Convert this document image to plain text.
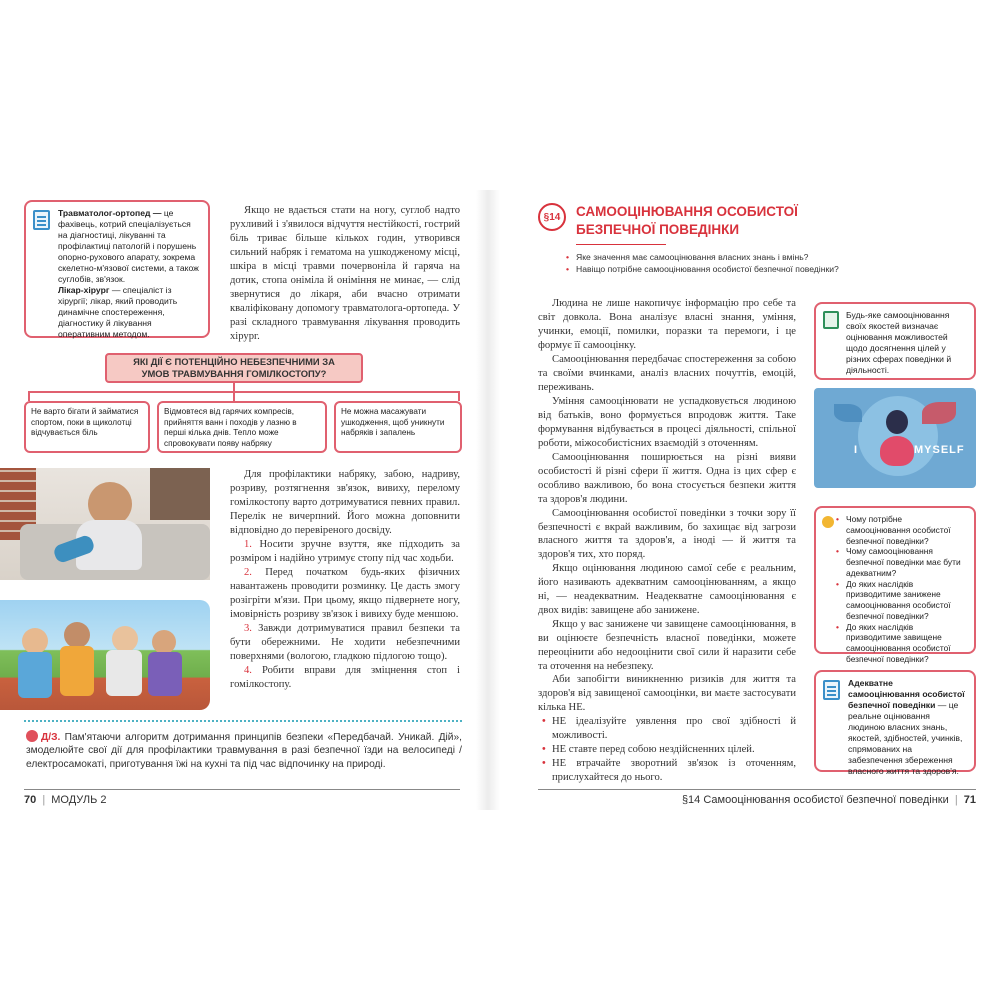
Травматолог-ортопед — це фахівець, котрий спеціалізується на діагностиці, лікуванні та профілактиці патологій і порушень опорно-рухового апарату, зокрема скелетно-м'язової системи, а також суглобів, зв'язок.
Лікар-хірург — спеціаліст із хірургії; лікар, який проводить динамічне спостереження, діагностику й лікування оперативним методом.

Якщо не вдається стати на ногу, суглоб надто рухливий і з'явилося відчуття нестійкості, гострий біль триває більше кількох годин, утворився сильний набряк і гематома на ушкодженому місці, шкіра в місці травми почервоніла й гаряча на дотик, стопа оніміла й оніміння не минає, — слід звернутися до лікаря, аби вчасно отримати кваліфіковану допомогу травматолога-ортопеда. У разі складного травмування лікування проводить хірург.

ЯКІ ДІЇ Є ПОТЕНЦІЙНО НЕБЕЗПЕЧНИМИ ЗА УМОВ ТРАВМУВАННЯ ГОМІЛКОСТОПУ?
Не варто бігати й займатися спортом, поки в щиколотці відчувається біль
Відмовтеся від гарячих компресів, прийняття ванн і походів у лазню в перші кілька днів. Тепло може спровокувати появу набряку
Не можна масажувати ушкодження, щоб уникнути набряків і запалень

Для профілактики набряку, забою, надриву, розриву, розтягнення зв'язок, вивиху, перелому гомілкостопу варто дотримуватися певних правил. Перелік не вичерпний. Його можна доповнити відповідно до перевіреного досвіду.

1. Носити зручне взуття, яке підходить за розміром і надійно утримує стопу під час ходьби.

2. Перед початком будь-яких фізичних навантажень проводити розминку. Це дасть змогу розігріти м'язи. При цьому, якщо підвернете ногу, імовірність розриву зв'язок і вивиху буде меншою.

3. Завжди дотримуватися правил безпеки та бути обережними. Не ходити небезпечними поверхнями (вологою, гладкою підлогою тощо).

4. Робити вправи для зміцнення стоп і гомілкостопу.

Д/З. Пам'ятаючи алгоритм дотримання принципів безпеки «Передбачай. Уникай. Дій», змоделюйте свої дії для профілактики травмування в разі безпечної їзди на велосипеді / електросамокаті, приготування їжі на кухні та під час відпочинку на природі.
70 | МОДУЛЬ 2
§14 САМООЦІНЮВАННЯ ОСОБИСТОЇ БЕЗПЕЧНОЇ ПОВЕДІНКИ
• Яке значення має самооцінювання власних знань і вмінь?
• Навіщо потрібне самооцінювання особистої безпечної поведінки?

Людина не лише накопичує інформацію про себе та світ довкола. Вона аналізує власні знання, уміння, учинки, емоції, помилки, поразки та перемоги, і це формує її самооцінку.

Самооцінювання передбачає спостереження за собою та своїми вчинками, аналіз власних почуттів, емоцій, переживань.

Уміння самооцінювати не успадковується людиною від батьків, воно формується впродовж життя. Таке формування відбувається в процесі діяльності, спільної роботи, міжособистісних взаємодій з оточенням.

Самооцінювання поширюється на різні вияви особистості й різні сфери її життя. Одна із цих сфер є особливо важливою, бо вона стосується безпеки життя та здоров'я людини.

Самооцінювання особистої поведінки з точки зору її безпечності є вкрай важливим, бо захищає від загрози власного життя та здоров'я, а іноді — й життя та здоров'я тих, хто поряд.

Якщо оцінювання людиною самої себе є реальним, його називають адекватним самооцінюванням, а якщо ні, — неадекватним. Неадекватне самооцінювання є двох видів: завищене або занижене.

Якщо у вас занижене чи завищене самооцінювання, в ви оцінюєте безпечність власної поведінки, можете переоцінити або недооцінити свої сили й наразити себе та оточення на небезпеку.

Аби запобігти виникненню ризиків для життя та здоров'я від завищеної самооцінки, ви маєте застосувати кілька НЕ.

• НЕ ідеалізуйте уявлення про свої здібності й можливості.
• НЕ ставте перед собою нездійсненних цілей.
• НЕ втрачайте зворотний зв'язок із оточенням, прислухайтеся до нього.
Будь-яке самооцінювання своїх якостей визначає оцінювання можливостей щодо досягнення цілей у різних сферах поведінки й діяльності.
I	MYSELF
• Чому потрібне самооцінювання особистої безпечної поведінки?
• Чому самооцінювання безпечної поведінки має бути адекватним?
• До яких наслідків призводитиме занижене самооцінювання особистої безпечної поведінки?
• До яких наслідків призводитиме завищене самооцінювання особистої безпечної поведінки?
Адекватне самооцінювання особистої безпечної поведінки — це реальне оцінювання людиною власних знань, якостей, здібностей, учинків, спрямованих на забезпечення збереження власного життя та здоров'я.
§14 Самооцінювання особистої безпечної поведінки | 71
